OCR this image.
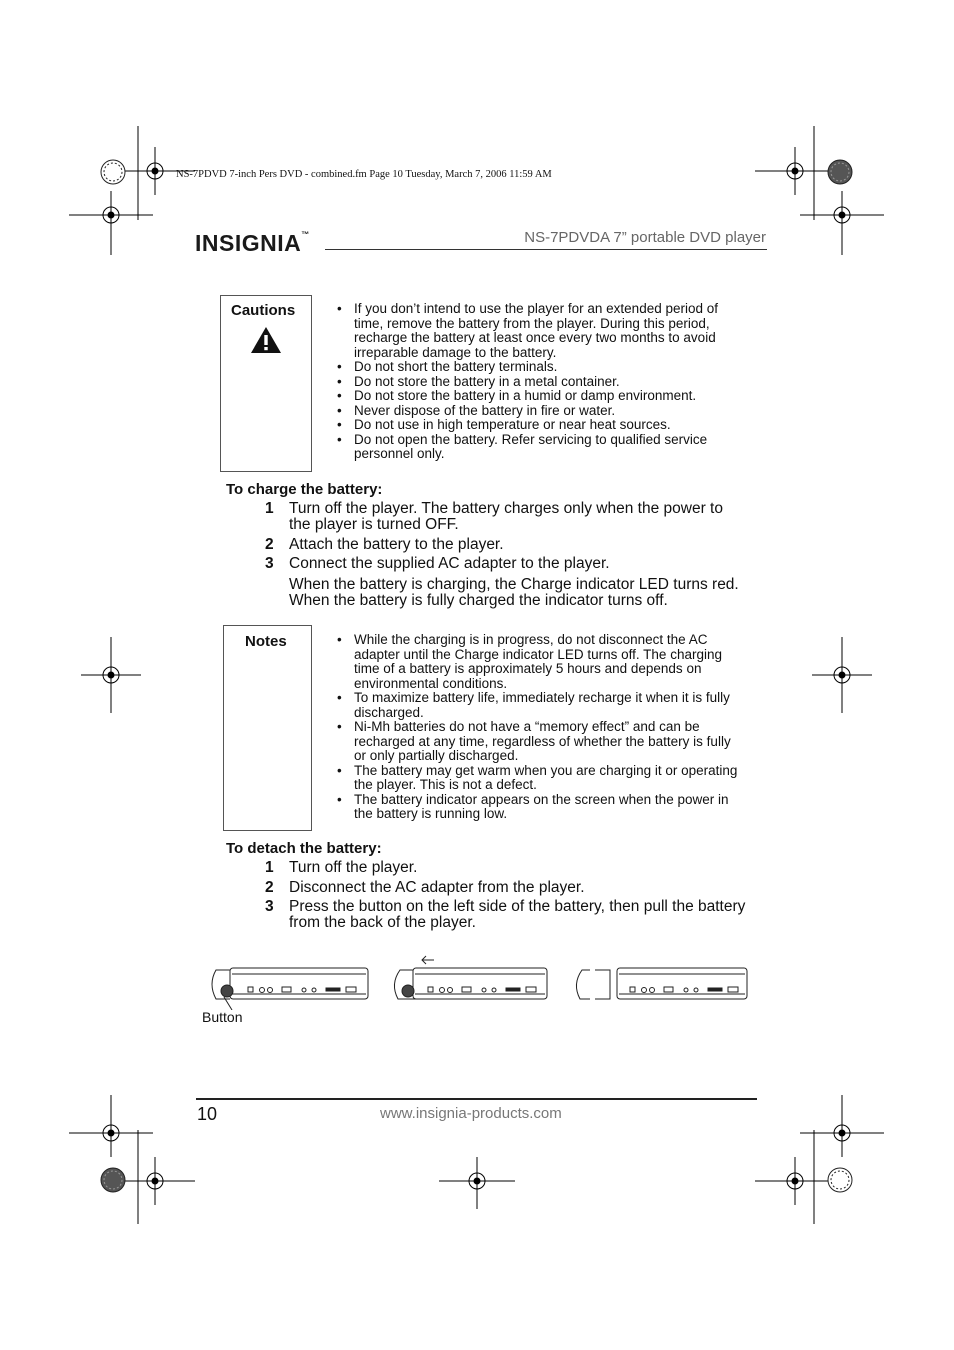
NS-7PDVD 7-inch Pers DVD - combined.fm Page 10 Tuesday, March 7, 2006 11:59 AM
INSIGNIA™	NS-7PDVDA 7” portable DVD player
Cautions	• If you don’t intend to use the player for an extended period of time, remove the battery from the player. During this period, recharge the battery at least once every two months to avoid irreparable damage to the battery.
• Do not short the battery terminals.
• Do not store the battery in a metal container.
• Do not store the battery in a humid or damp environment.
• Never dispose of the battery in fire or water.
• Do not use in high temperature or near heat sources.
• Do not open the battery. Refer servicing to qualified service personnel only.
To charge the battery:
1 Turn off the player. The battery charges only when the power to the player is turned OFF.
2 Attach the battery to the player.
3 Connect the supplied AC adapter to the player.
When the battery is charging, the Charge indicator LED turns red. When the battery is fully charged the indicator turns off.
Notes	• While the charging is in progress, do not disconnect the AC adapter until the Charge indicator LED turns off. The charging time of a battery is approximately 5 hours and depends on environmental conditions.
• To maximize battery life, immediately recharge it when it is fully discharged.
• Ni-Mh batteries do not have a “memory effect” and can be recharged at any time, regardless of whether the battery is fully or only partially discharged.
• The battery may get warm when you are charging it or operating the player. This is not a defect.
• The battery indicator appears on the screen when the power in the battery is running low.
To detach the battery:
1 Turn off the player.
2 Disconnect the AC adapter from the player.
3 Press the button on the left side of the battery, then pull the battery from the back of the player.
Button
10	www.insignia-products.com
